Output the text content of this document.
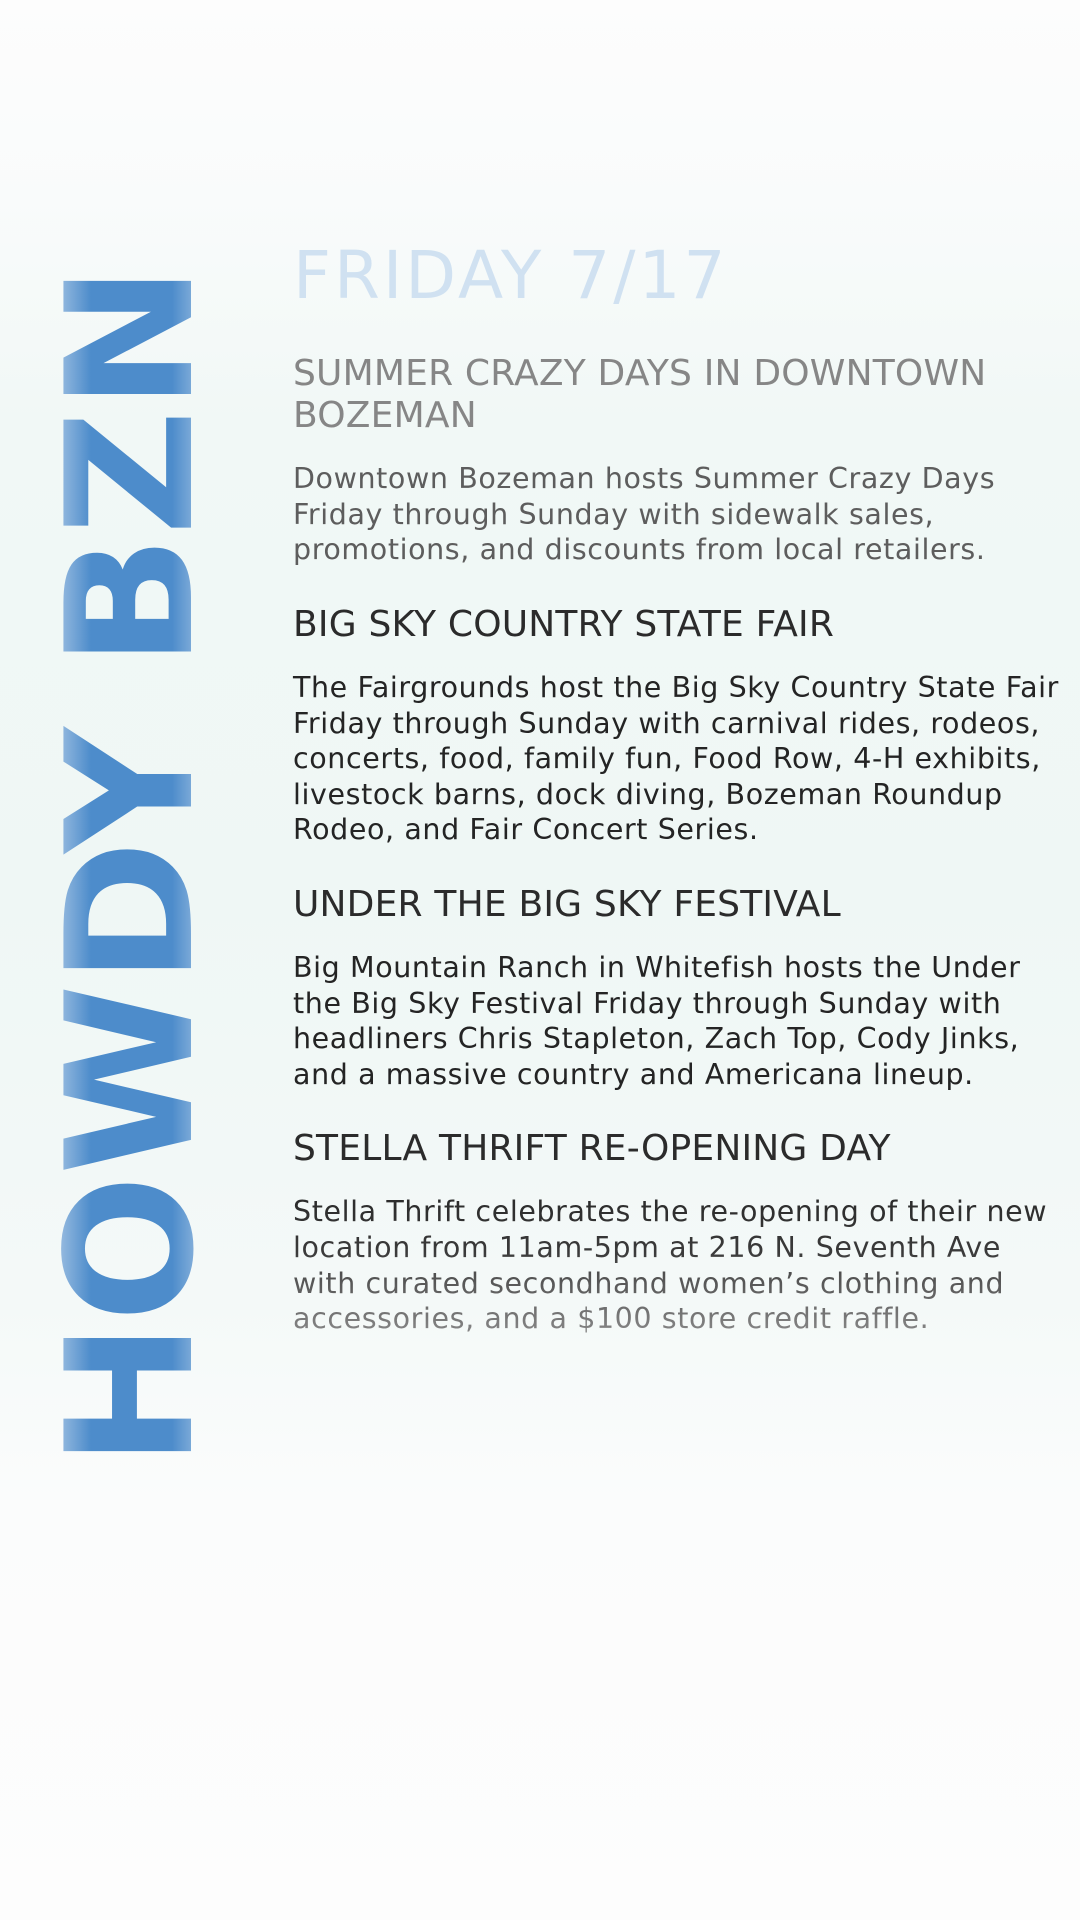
HOWDY BZN FRIDAY 7/17
SUMMER CRAZY DAYS IN DOWNTOWN BOZEMAN

Downtown Bozeman hosts Summer Crazy Days Friday through Sunday with sidewalk sales, promotions, and discounts from local retailers.

BIG SKY COUNTRY STATE FAIR

The Fairgrounds host the Big Sky Country State Fair Friday through Sunday with carnival rides, rodeos, concerts, food, family fun, Food Row, 4-H exhibits, livestock barns, dock diving, Bozeman Roundup Rodeo, and Fair Concert Series.

UNDER THE BIG SKY FESTIVAL

Big Mountain Ranch in Whitefish hosts the Under the Big Sky Festival Friday through Sunday with headliners Chris Stapleton, Zach Top, Cody Jinks, and a massive country and Americana lineup.

STELLA THRIFT RE-OPENING DAY

Stella Thrift celebrates the re-opening of their new location from 11am-5pm at 216 N. Seventh Ave with curated secondhand women’s clothing and accessories, and a $100 store credit raffle.
